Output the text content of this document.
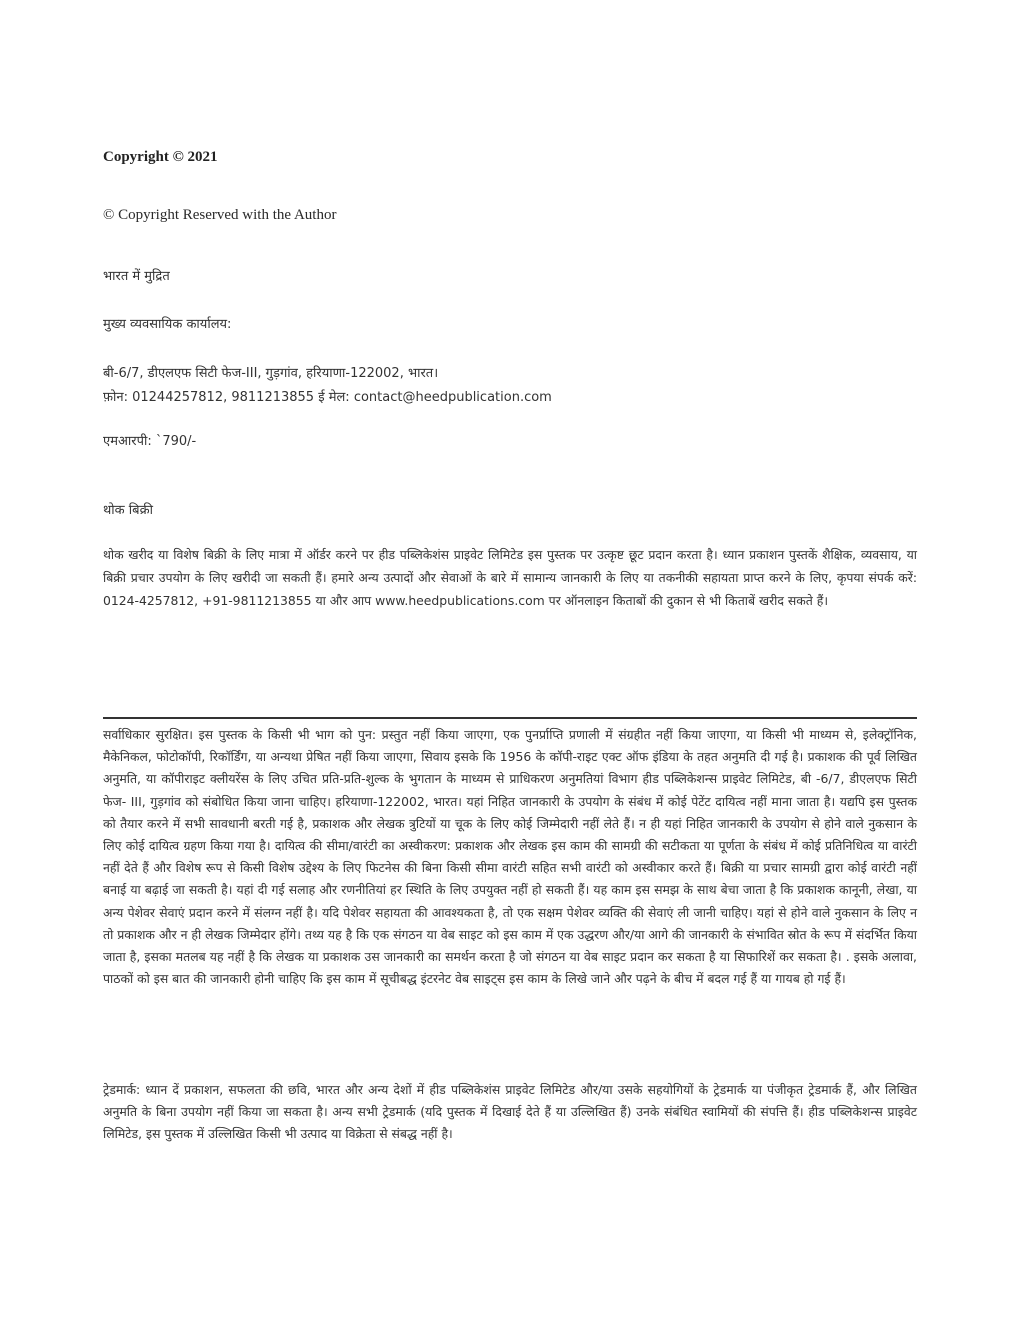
Copyright © 2021

© Copyright Reserved with the Author

भारत में मुद्रित

मुख्य व्यवसायिक कार्यालय:

बी-6/7, डीएलएफ सिटी फेज-III, गुड़गांव, हरियाणा-122002, भारत।
फ़ोन: 01244257812, 9811213855 ई मेल: contact@heedpublication.com

एमआरपी: `790/-

थोक बिक्री

थोक खरीद या विशेष बिक्री के लिए मात्रा में ऑर्डर करने पर हीड पब्लिकेशंस प्राइवेट लिमिटेड इस पुस्तक पर उत्कृष्ट छूट प्रदान करता है। ध्यान प्रकाशन पुस्तकें शैक्षिक, व्यवसाय, या बिक्री प्रचार उपयोग के लिए खरीदी जा सकती हैं। हमारे अन्य उत्पादों और सेवाओं के बारे में सामान्य जानकारी के लिए या तकनीकी सहायता प्राप्त करने के लिए, कृपया संपर्क करें: 0124-4257812, +91-9811213855 या और आप www.heedpublications.com पर ऑनलाइन किताबों की दुकान से भी किताबें खरीद सकते हैं।

सर्वाधिकार सुरक्षित। इस पुस्तक के किसी भी भाग को पुन: प्रस्तुत नहीं किया जाएगा, एक पुनर्प्राप्ति प्रणाली में संग्रहीत नहीं किया जाएगा, या किसी भी माध्यम से, इलेक्ट्रॉनिक, मैकेनिकल, फोटोकॉपी, रिकॉर्डिंग, या अन्यथा प्रेषित नहीं किया जाएगा, सिवाय इसके कि 1956 के कॉपी-राइट एक्ट ऑफ इंडिया के तहत अनुमति दी गई है। प्रकाशक की पूर्व लिखित अनुमति, या कॉपीराइट क्लीयरेंस के लिए उचित प्रति-प्रति-शुल्क के भुगतान के माध्यम से प्राधिकरण अनुमतियां विभाग हीड पब्लिकेशन्स प्राइवेट लिमिटेड, बी -6/7, डीएलएफ सिटी फेज- III, गुड़गांव को संबोधित किया जाना चाहिए। हरियाणा-122002, भारत। यहां निहित जानकारी के उपयोग के संबंध में कोई पेटेंट दायित्व नहीं माना जाता है। यद्यपि इस पुस्तक को तैयार करने में सभी सावधानी बरती गई है, प्रकाशक और लेखक त्रुटियों या चूक के लिए कोई जिम्मेदारी नहीं लेते हैं। न ही यहां निहित जानकारी के उपयोग से होने वाले नुकसान के लिए कोई दायित्व ग्रहण किया गया है। दायित्व की सीमा/वारंटी का अस्वीकरण: प्रकाशक और लेखक इस काम की सामग्री की सटीकता या पूर्णता के संबंध में कोई प्रतिनिधित्व या वारंटी नहीं देते हैं और विशेष रूप से किसी विशेष उद्देश्य के लिए फिटनेस की बिना किसी सीमा वारंटी सहित सभी वारंटी को अस्वीकार करते हैं। बिक्री या प्रचार सामग्री द्वारा कोई वारंटी नहीं बनाई या बढ़ाई जा सकती है। यहां दी गई सलाह और रणनीतियां हर स्थिति के लिए उपयुक्त नहीं हो सकती हैं। यह काम इस समझ के साथ बेचा जाता है कि प्रकाशक कानूनी, लेखा, या अन्य पेशेवर सेवाएं प्रदान करने में संलग्न नहीं है। यदि पेशेवर सहायता की आवश्यकता है, तो एक सक्षम पेशेवर व्यक्ति की सेवाएं ली जानी चाहिए। यहां से होने वाले नुकसान के लिए न तो प्रकाशक और न ही लेखक जिम्मेदार होंगे। तथ्य यह है कि एक संगठन या वेब साइट को इस काम में एक उद्धरण और/या आगे की जानकारी के संभावित स्रोत के रूप में संदर्भित किया जाता है, इसका मतलब यह नहीं है कि लेखक या प्रकाशक उस जानकारी का समर्थन करता है जो संगठन या वेब साइट प्रदान कर सकता है या सिफारिशें कर सकता है। . इसके अलावा, पाठकों को इस बात की जानकारी होनी चाहिए कि इस काम में सूचीबद्ध इंटरनेट वेब साइट्स इस काम के लिखे जाने और पढ़ने के बीच में बदल गई हैं या गायब हो गई हैं।

ट्रेडमार्क: ध्यान दें प्रकाशन, सफलता की छवि, भारत और अन्य देशों में हीड पब्लिकेशंस प्राइवेट लिमिटेड और/या उसके सहयोगियों के ट्रेडमार्क या पंजीकृत ट्रेडमार्क हैं, और लिखित अनुमति के बिना उपयोग नहीं किया जा सकता है। अन्य सभी ट्रेडमार्क (यदि पुस्तक में दिखाई देते हैं या उल्लिखित हैं) उनके संबंधित स्वामियों की संपत्ति हैं। हीड पब्लिकेशन्स प्राइवेट लिमिटेड, इस पुस्तक में उल्लिखित किसी भी उत्पाद या विक्रेता से संबद्ध नहीं है।
